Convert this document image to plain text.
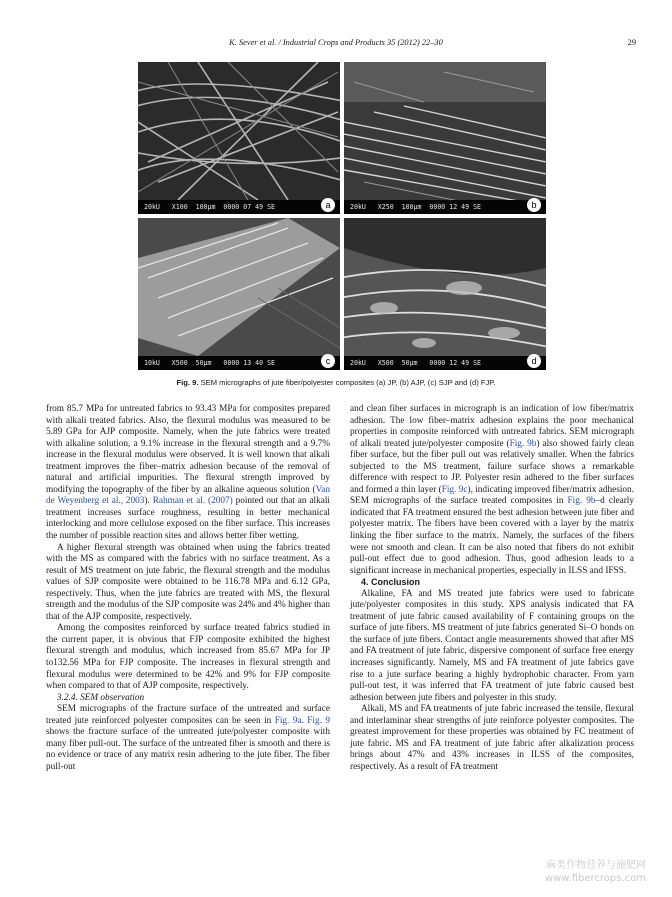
K. Sever et al. / Industrial Crops and Products 35 (2012) 22–30	29
20kU   X100  100μm  0000 07 49 SE	a	20kU   X250  100μm  0000 12 49 SE	b
10kU   X500  50μm   0000 13 40 SE	c	20kU   X500  50μm   0000 12 49 SE	d
Fig. 9. SEM micrographs of jute fiber/polyester composites (a) JP, (b) AJP, (c) SJP and (d) FJP.

from 85.7 MPa for untreated fabrics to 93.43 MPa for composites prepared with alkali treated fabrics. Also, the flexural modulus was measured to be 5.89 GPa for AJP composite. Namely, when the jute fabrics were treated with alkaline solution, a 9.1% increase in the flexural strength and a 9.7% increase in the flexural modulus were observed. It is well known that alkali treatment improves the fiber–matrix adhesion because of the removal of natural and artificial impurities. The flexural strength improved by modifying the topography of the fiber by an alkaline aqueous solution (Van de Weyenberg et al., 2003). Rahman et al. (2007) pointed out that an alkali treatment increases surface roughness, resulting in better mechanical interlocking and more cellulose exposed on the fiber surface. This increases the number of possible reaction sites and allows better fiber wetting.

A higher flexural strength was obtained when using the fabrics treated with the MS as compared with the fabrics with no surface treatment. As a result of MS treatment on jute fabric, the flexural strength and the modulus values of SJP composite were obtained to be 116.78 MPa and 6.12 GPa, respectively. Thus, when the jute fabrics are treated with MS, the flexural strength and the modulus of the SJP composite was 24% and 4% higher than that of the AJP composite, respectively.

Among the composites reinforced by surface treated fabrics studied in the current paper, it is obvious that FJP composite exhibited the highest flexural strength and modulus, which increased from 85.67 MPa for JP to132.56 MPa for FJP composite. The increases in flexural strength and flexural modulus were determined to be 42% and 9% for FJP composite when compared to that of AJP composite, respectively.

3.2.4. SEM observation

SEM micrographs of the fracture surface of the untreated and surface treated jute reinforced polyester composites can be seen in Fig. 9a. Fig. 9 shows the fracture surface of the untreated jute/polyester composite with many fiber pull-out. The surface of the untreated fiber is smooth and there is no evidence or trace of any matrix resin adhering to the jute fiber. The fiber pull-out

and clean fiber surfaces in micrograph is an indication of low fiber/matrix adhesion. The low fiber–matrix adhesion explains the poor mechanical properties in composite reinforced with untreated fabrics. SEM micrograph of alkali treated jute/polyester composite (Fig. 9b) also showed fairly clean fiber surface, but the fiber pull out was relatively smaller. When the fabrics subjected to the MS treatment, failure surface shows a remarkable difference with respect to JP. Polyester resin adhered to the fiber surfaces and formed a thin layer (Fig. 9c), indicating improved fiber/matrix adhesion. SEM micrographs of the surface treated composites in Fig. 9b–d clearly indicated that FA treatment ensured the best adhesion between jute fiber and polyester matrix. The fibers have been covered with a layer by the matrix linking the fiber surface to the matrix. Namely, the surfaces of the fibers were not smooth and clean. It can be also noted that fibers do not exhibit pull-out effect due to good adhesion. Thus, good adhesion leads to a significant increase in mechanical properties, especially in ILSS and IFSS.

4. Conclusion

Alkaline, FA and MS treated jute fabrics were used to fabricate jute/polyester composites in this study. XPS analysis indicated that FA treatment of jute fabric caused availability of F containing groups on the surface of jute fibers. MS treatment of jute fabrics generated Si–O bonds on the surface of jute fibers. Contact angle measurements showed that after MS and FA treatment of jute fabric, dispersive component of surface free energy increases significantly. Namely, MS and FA treatment of jute fabrics gave rise to a jute surface bearing a highly hydrophobic character. From yarn pull-out test, it was inferred that FA treatment of jute fabric caused best adhesion between jute fibers and polyester in this study.

Alkali, MS and FA treatments of jute fabric increased the tensile, flexural and interlaminar shear strengths of jute reinforce polyester composites. The greatest improvement for these properties was obtained by FC treatment of jute fabric. MS and FA treatment of jute fabric after alkalization process brings about 47% and 43% increases in ILSS of the composites, respectively. As a result of FA treatment

麻类作物营养与施肥网
www.fibercrops.com
